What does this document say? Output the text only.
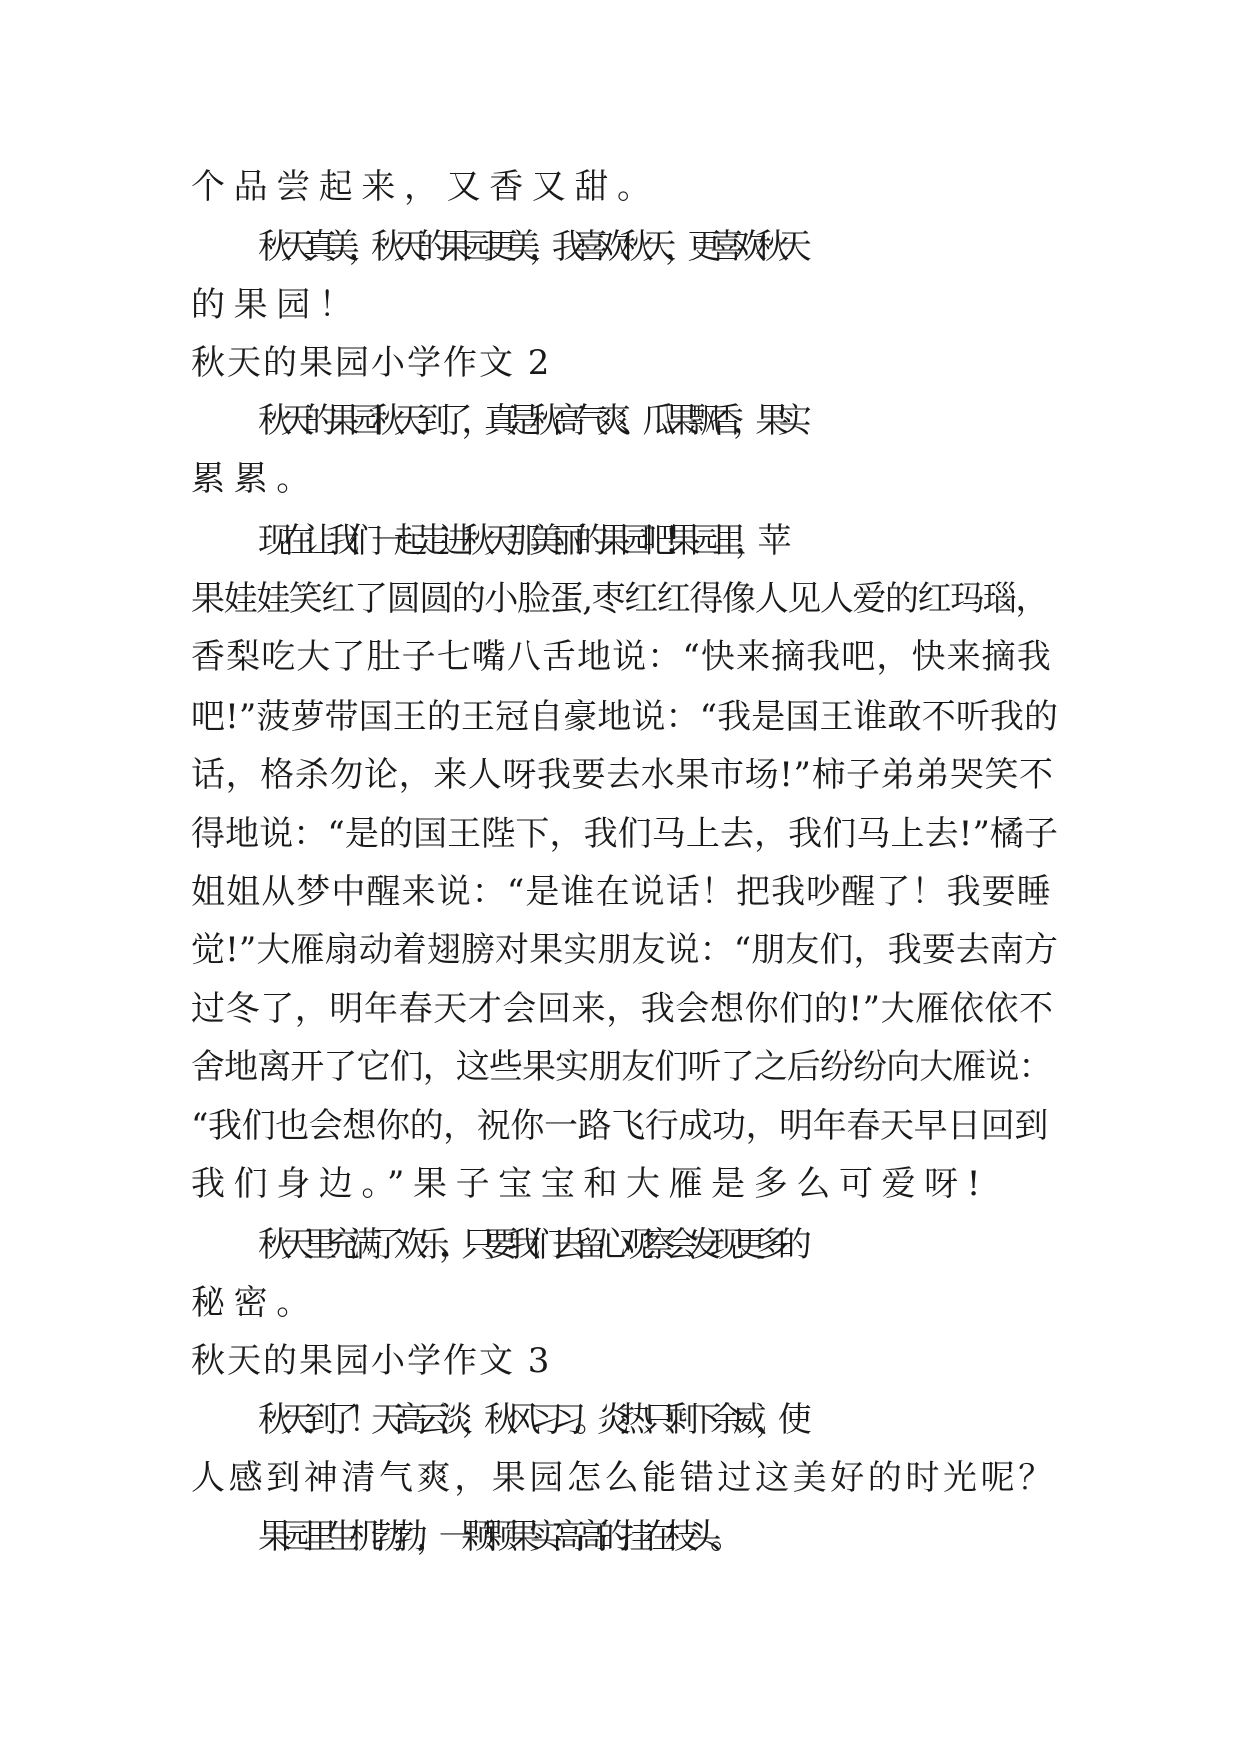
个品尝起来，又香又甜。
秋天真美，秋天的果园更美，我喜欢秋天，更喜欢秋天
的果园！
秋天的果园小学作文 2
秋天的果园秋天到了，真是秋高气爽、瓜果飘香，果实
累累。
现在让我们一起走进秋天那美丽的果园吧!果园里，苹
果娃娃笑红了圆圆的小脸蛋,枣红红得像人见人爱的红玛瑙，
香梨吃大了肚子七嘴八舌地说：“快来摘我吧，快来摘我
吧!”菠萝带国王的王冠自豪地说：“我是国王谁敢不听我的
话，格杀勿论，来人呀我要去水果市场!”柿子弟弟哭笑不
得地说：“是的国王陛下，我们马上去，我们马上去!”橘子
姐姐从梦中醒来说：“是谁在说话！把我吵醒了！我要睡
觉!”大雁扇动着翅膀对果实朋友说：“朋友们，我要去南方
过冬了，明年春天才会回来，我会想你们的!”大雁依依不
舍地离开了它们，这些果实朋友们听了之后纷纷向大雁说：
“我们也会想你的，祝你一路飞行成功，明年春天早日回到
我们身边。”果子宝宝和大雁是多么可爱呀!
秋天里充满了欢乐，只要我们去留心观察会发现更多的
秘密。
秋天的果园小学作文 3
秋天到了！天高云淡，秋风习习。炎热只剩下余威，使
人感到神清气爽，果园怎么能错过这美好的时光呢？
果园里生机勃勃，一颗颗果实高高的挂在枝头。
